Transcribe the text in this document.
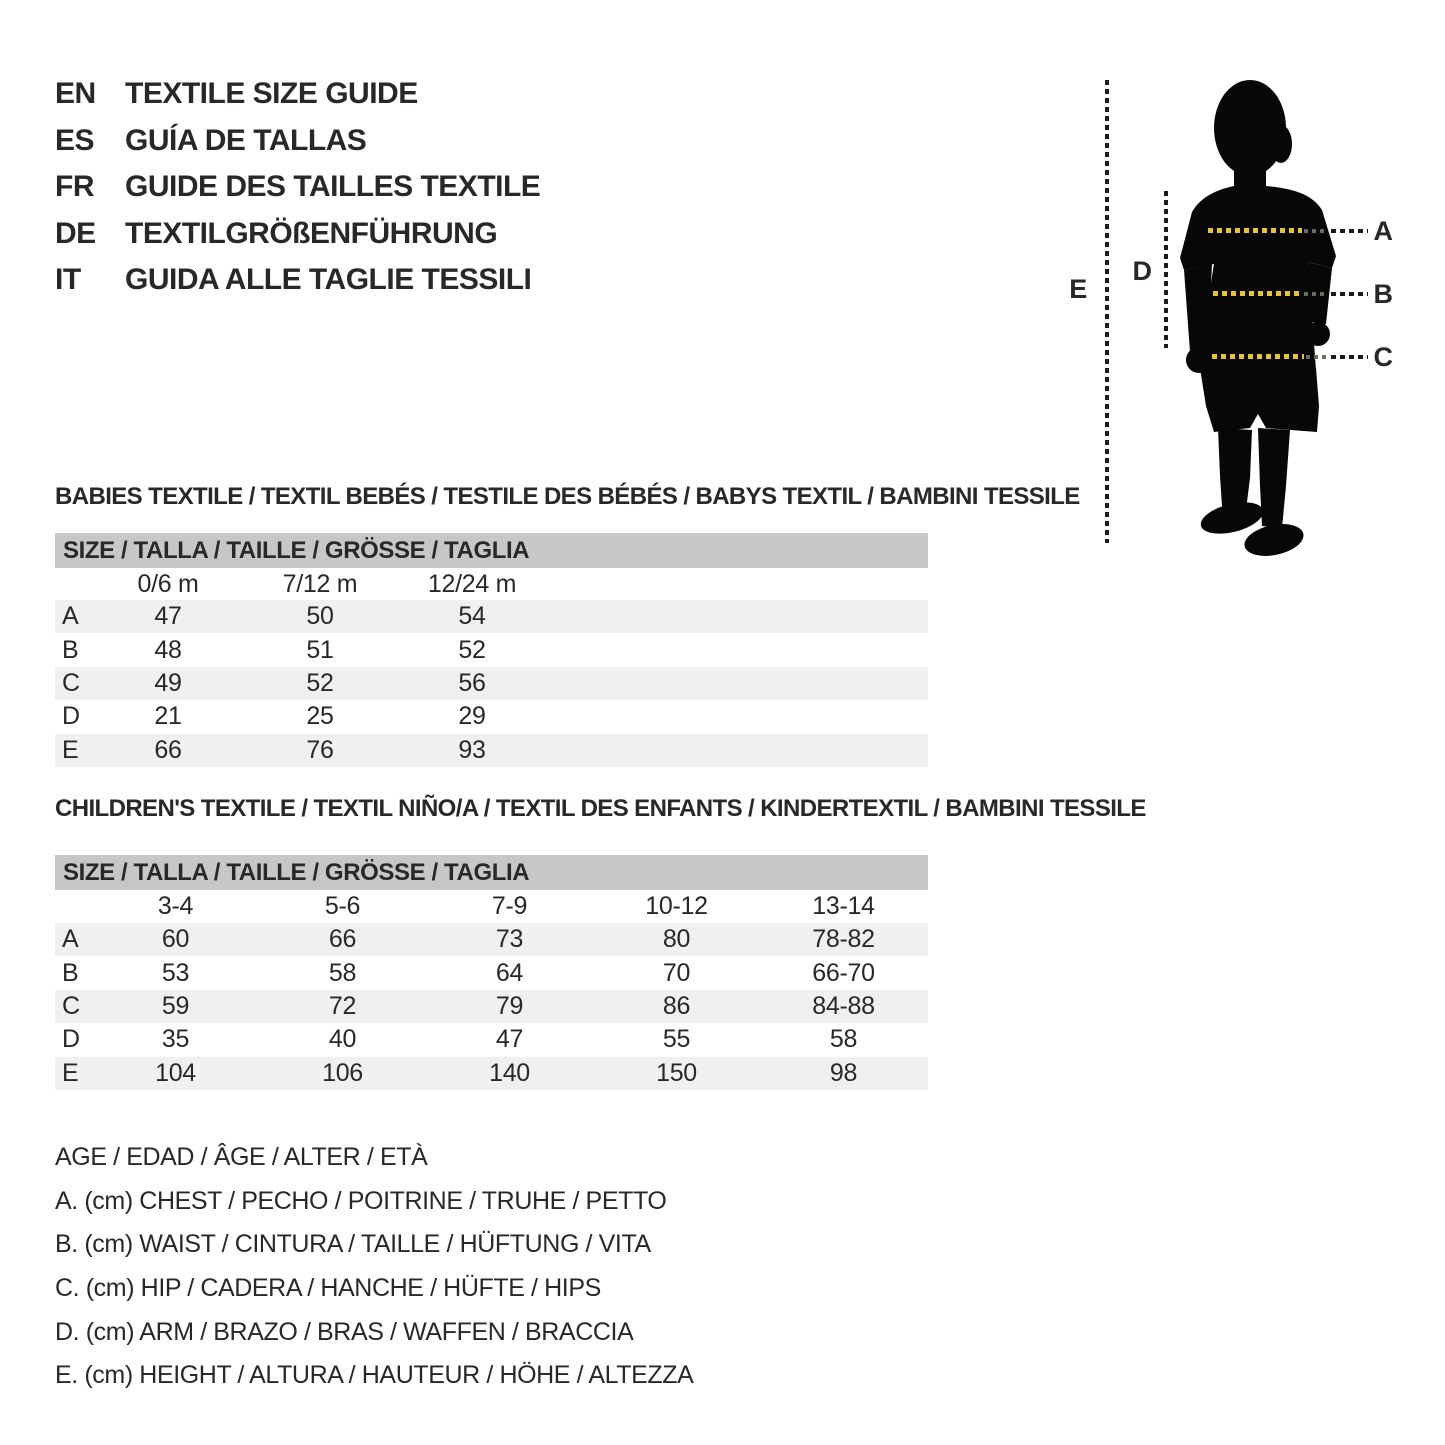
EN TEXTILE SIZE GUIDE
ES	GUÍA DE TALLAS
FR	GUIDE DES TAILLES TEXTILE
DE TEXTILGRÖßENFÜHRUNG
IT	GUIDA ALLE TAGLIE TESSILI	E
D
A
B
C
BABIES TEXTILE / TEXTIL BEBÉS / TESTILE DES BÉBÉS / BABYS TEXTIL / BAMBINI TESSILE
SIZE / TALLA / TAILLE / GRÖSSE / TAGLIA
0/6 m	7/12 m	12/24 m
A	47	50	54
B	48	51	52
C	49	52	56
D	21	25	29
E	66	76	93
CHILDREN'S TEXTILE / TEXTIL NIÑO/A / TEXTIL DES ENFANTS / KINDERTEXTIL / BAMBINI TESSILE
SIZE / TALLA / TAILLE / GRÖSSE / TAGLIA
3-4	5-6	7-9	10-12	13-14
A	60	66	73	80	78-82
B	53	58	64	70	66-70
C	59	72	79	86	84-88
D	35	40	47	55	58
E	104	106	140	150	98
AGE / EDAD / ÂGE / ALTER / ETÀ
A. (cm) CHEST / PECHO / POITRINE / TRUHE / PETTO
B. (cm) WAIST / CINTURA / TAILLE / HÜFTUNG / VITA
C. (cm) HIP / CADERA / HANCHE / HÜFTE / HIPS
D. (cm) ARM / BRAZO / BRAS / WAFFEN / BRACCIA
E. (cm) HEIGHT / ALTURA / HAUTEUR / HÖHE / ALTEZZA
